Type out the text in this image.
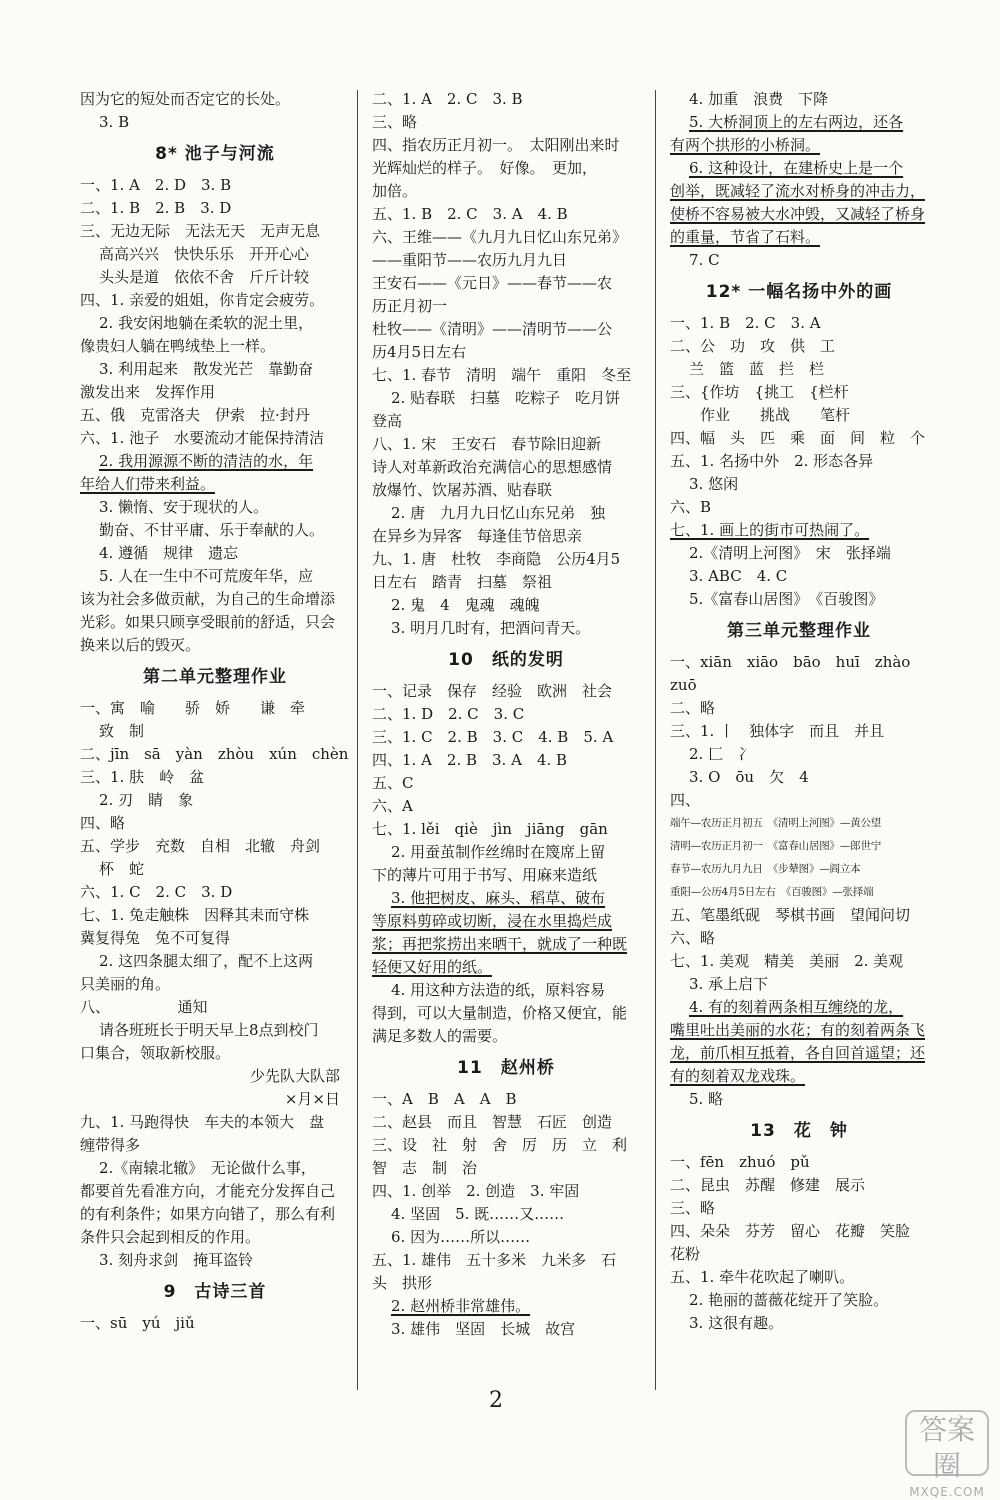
因为它的短处而否定它的长处。
3. B
8* 池子与河流
一、1. A　2. D　3. B
二、1. B　2. B　3. D
三、无边无际　无法无天　无声无息
高高兴兴　快快乐乐　开开心心
头头是道　依依不舍　斤斤计较
四、1. 亲爱的姐姐，你肯定会疲劳。
2. 我安闲地躺在柔软的泥土里，
像贵妇人躺在鸭绒垫上一样。
3. 利用起来　散发光芒　靠勤奋
激发出来　发挥作用
五、俄　克雷洛夫　伊索　拉·封丹
六、1. 池子　水要流动才能保持清洁
2. 我用源源不断的清洁的水，年
年给人们带来利益。
3. 懒惰、安于现状的人。
勤奋、不甘平庸、乐于奉献的人。
4. 遵循　规律　遗忘
5. 人在一生中不可荒废年华，应
该为社会多做贡献，为自己的生命增添
光彩。如果只顾享受眼前的舒适，只会
换来以后的毁灭。
第二单元整理作业
一、寓　喻　　骄　娇　　谦　牵
致　制
二、jīn　sā　yàn　zhòu　xún　chèn
三、1. 肤　岭　盆
2. 刃　睛　象
四、略
五、学步　充数　自相　北辙　舟剑
杯　蛇
六、1. C　2. C　3. D
七、1. 兔走触株　因释其耒而守株
冀复得兔　兔不可复得
2. 这四条腿太细了，配不上这两
只美丽的角。
八、　　　　　通知
请各班班长于明天早上8点到校门
口集合，领取新校服。
少先队大队部
×月×日
九、1. 马跑得快　车夫的本领大　盘
缠带得多
2.《南辕北辙》　无论做什么事，
都要首先看准方向，才能充分发挥自己
的有利条件；如果方向错了，那么有利
条件只会起到相反的作用。
3. 刻舟求剑　掩耳盗铃
9　古诗三首
一、sū　yú　jiǔ
二、1. A　2. C　3. B
三、略
四、指农历正月初一。　太阳刚出来时
光辉灿烂的样子。　好像。　更加，
加倍。
五、1. B　2. C　3. A　4. B
六、王维——《九月九日忆山东兄弟》
——重阳节——农历九月九日
王安石——《元日》——春节——农
历正月初一
杜牧——《清明》——清明节——公
历4月5日左右
七、1. 春节　清明　端午　重阳　冬至
2. 贴春联　扫墓　吃粽子　吃月饼
登高
八、1. 宋　王安石　春节除旧迎新
诗人对革新政治充满信心的思想感情
放爆竹、饮屠苏酒、贴春联
2. 唐　九月九日忆山东兄弟　独
在异乡为异客　每逢佳节倍思亲
九、1. 唐　杜牧　李商隐　公历4月5
日左右　踏青　扫墓　祭祖
2. 鬼　4　鬼魂　魂魄
3. 明月几时有，把酒问青天。
10　纸的发明
一、记录　保存　经验　欧洲　社会
二、1. D　2. C　3. C
三、1. C　2. B　3. C　4. B　5. A
四、1. A　2. B　3. A　4. B
五、C
六、A
七、1. lěi　qiè　jìn　jiāng　gān
2. 用蚕茧制作丝绵时在篾席上留
下的薄片可用于书写、用麻来造纸
3. 他把树皮、麻头、稻草、破布
等原料剪碎或切断，浸在水里捣烂成
浆；再把浆捞出来晒干，就成了一种既
轻便又好用的纸。
4. 用这种方法造的纸，原料容易
得到，可以大量制造，价格又便宜，能
满足多数人的需要。
11　赵州桥
一、A　B　A　A　B
二、赵县　而且　智慧　石匠　创造
三、设　社　射　舍　厉　历　立　利
智　志　制　治
四、1. 创举　2. 创造　3. 牢固
4. 坚固　5. 既……又……
6. 因为……所以……
五、1. 雄伟　五十多米　九米多　石
头　拱形
2. 赵州桥非常雄伟。
3. 雄伟　坚固　长城　故宫
4. 加重　浪费　下降
5. 大桥洞顶上的左右两边，还各
有两个拱形的小桥洞。
6. 这种设计，在建桥史上是一个
创举，既减轻了流水对桥身的冲击力，
使桥不容易被大水冲毁，又减轻了桥身
的重量，节省了石料。
7. C
12* 一幅名扬中外的画
一、1. B　2. C　3. A
二、公　功　攻　供　工
兰　篮　蓝　拦　栏
三、{作坊　{挑工　{栏杆
　　作业　　挑战　　笔杆
四、幅　头　匹　乘　面　间　粒　个
五、1. 名扬中外　2. 形态各异
3. 悠闲
六、B
七、1. 画上的街市可热闹了。
2.《清明上河图》　宋　张择端
3. ABC　4. C
5.《富春山居图》　《百骏图》
第三单元整理作业
一、xiān　xiāo　bāo　huī　zhào
zuō
二、略
三、1. 丨　独体字　而且　并且
2. 匚　冫
3. O　ōu　欠　4
四、
端午—农历正月初五　《清明上河图》—黄公望
清明—农历正月初一　《富春山居图》—郎世宁
春节—农历九月九日　《步辇图》—阎立本
重阳—公历4月5日左右　《百骏图》—张择端
五、笔墨纸砚　琴棋书画　望闻问切
六、略
七、1. 美观　精美　美丽　2. 美观
3. 承上启下
4. 有的刻着两条相互缠绕的龙，
嘴里吐出美丽的水花；有的刻着两条飞
龙，前爪相互抵着，各自回首遥望；还
有的刻着双龙戏珠。
5. 略
13　花　钟
一、fēn　zhuó　pǔ
二、昆虫　苏醒　修建　展示
三、略
四、朵朵　芬芳　留心　花瓣　笑脸
花粉
五、1. 牵牛花吹起了喇叭。
2. 艳丽的蔷薇花绽开了笑脸。
3. 这很有趣。
2
答案圈
MXQE.COM
